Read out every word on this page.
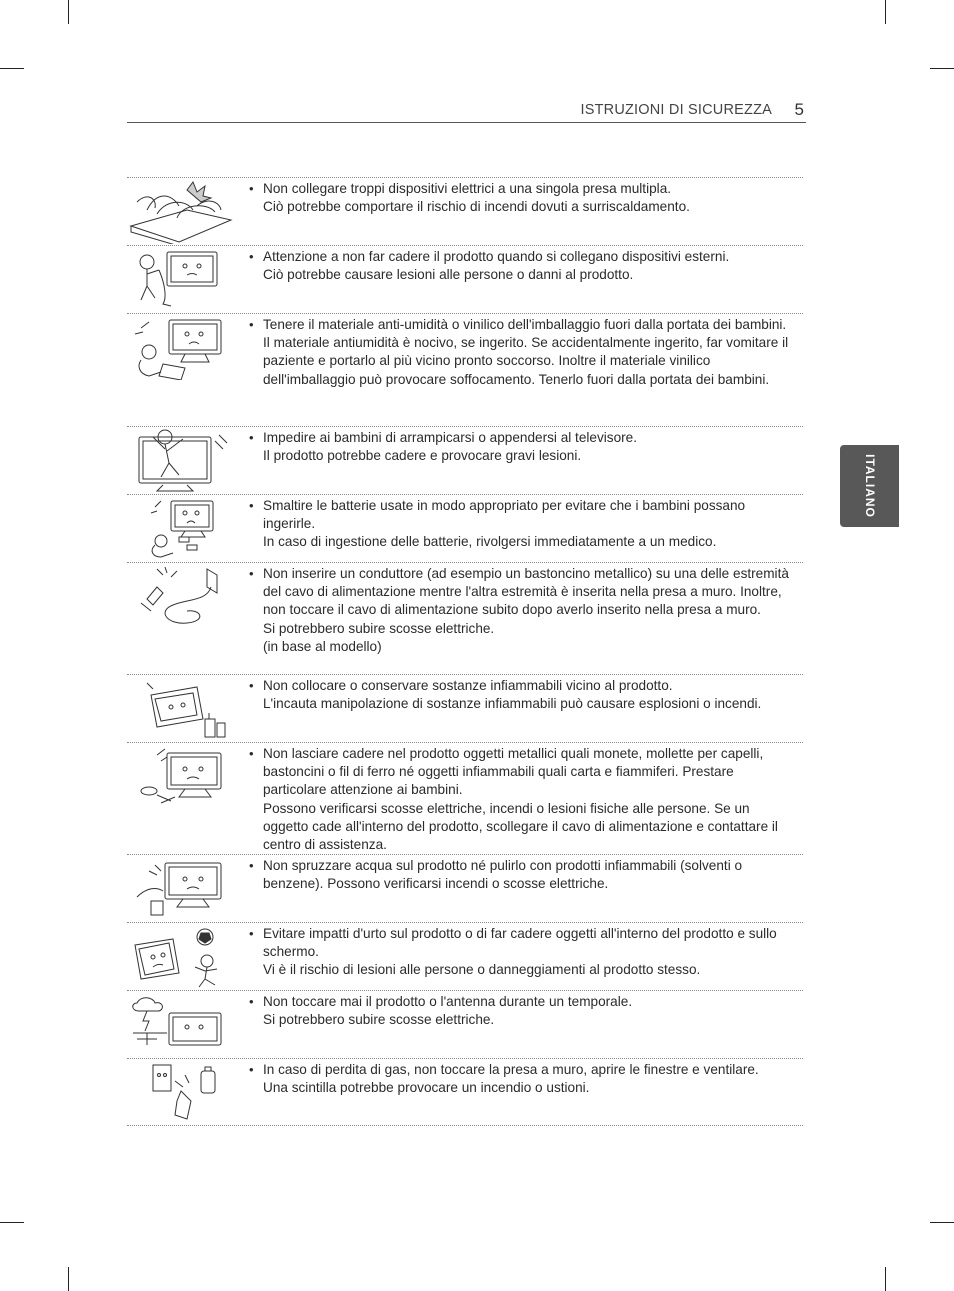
ISTRUZIONI DI SICUREZZA 5
ITALIANO
• Non collegare troppi dispositivi elettrici a una singola presa multipla.
Ciò potrebbe comportare il rischio di incendi dovuti a surriscaldamento.
• Attenzione a non far cadere il prodotto quando si collegano dispositivi esterni.
Ciò potrebbe causare lesioni alle persone o danni al prodotto.
• Tenere il materiale anti-umidità o vinilico dell'imballaggio fuori dalla portata dei bambini.
Il materiale antiumidità è nocivo, se ingerito. Se accidentalmente ingerito, far vomitare il paziente e portarlo al più vicino pronto soccorso. Inoltre il materiale vinilico dell'imballaggio può provocare soffocamento. Tenerlo fuori dalla portata dei bambini.
• Impedire ai bambini di arrampicarsi o appendersi al televisore.
Il prodotto potrebbe cadere e provocare gravi lesioni.
• Smaltire le batterie usate in modo appropriato per evitare che i bambini possano ingerirle.
In caso di ingestione delle batterie, rivolgersi immediatamente a un medico.
• Non inserire un conduttore (ad esempio un bastoncino metallico) su una delle estremità del cavo di alimentazione mentre l'altra estremità è inserita nella presa a muro. Inoltre, non toccare il cavo di alimentazione subito dopo averlo inserito nella presa a muro.
Si potrebbero subire scosse elettriche.
(in base al modello)
• Non collocare o conservare sostanze infiammabili vicino al prodotto.
L'incauta manipolazione di sostanze infiammabili può causare esplosioni o incendi.
• Non lasciare cadere nel prodotto oggetti metallici quali monete, mollette per capelli, bastoncini o fil di ferro né oggetti infiammabili quali carta e fiammiferi. Prestare particolare attenzione ai bambini.
Possono verificarsi scosse elettriche, incendi o lesioni fisiche alle persone. Se un oggetto cade all'interno del prodotto, scollegare il cavo di alimentazione e contattare il centro di assistenza.
• Non spruzzare acqua sul prodotto né pulirlo con prodotti infiammabili (solventi o benzene). Possono verificarsi incendi o scosse elettriche.
• Evitare impatti d'urto sul prodotto o di far cadere oggetti all'interno del prodotto e sullo schermo.
Vi è il rischio di lesioni alle persone o danneggiamenti al prodotto stesso.
• Non toccare mai il prodotto o l'antenna durante un temporale.
Si potrebbero subire scosse elettriche.
• In caso di perdita di gas, non toccare la presa a muro, aprire le finestre e ventilare.
Una scintilla potrebbe provocare un incendio o ustioni.
